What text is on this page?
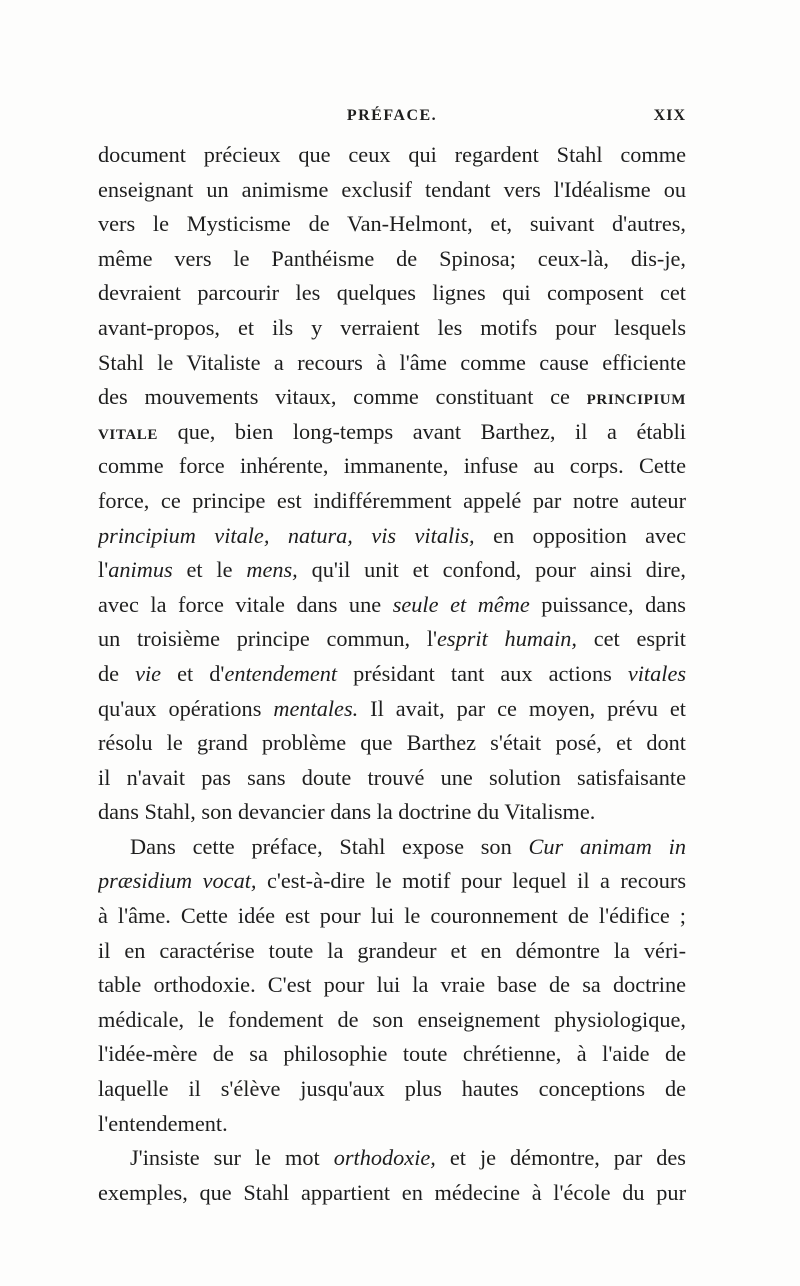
PRÉFACE.	XIX
document précieux que ceux qui regardent Stahl comme
enseignant un animisme exclusif tendant vers l'Idéalisme ou
vers le Mysticisme de Van-Helmont, et, suivant d'autres,
même vers le Panthéisme de Spinosa; ceux-là, dis-je,
devraient parcourir les quelques lignes qui composent cet
avant-propos, et ils y verraient les motifs pour lesquels
Stahl le Vitaliste a recours à l'âme comme cause efficiente
des mouvements vitaux, comme constituant ce PRINCIPIUM
VITALE que, bien long-temps avant Barthez, il a établi
comme force inhérente, immanente, infuse au corps. Cette
force, ce principe est indifféremment appelé par notre auteur
principium vitale, natura, vis vitalis, en opposition avec
l'animus et le mens, qu'il unit et confond, pour ainsi dire,
avec la force vitale dans une seule et même puissance, dans
un troisième principe commun, l'esprit humain, cet esprit
de vie et d'entendement présidant tant aux actions vitales
qu'aux opérations mentales. Il avait, par ce moyen, prévu et
résolu le grand problème que Barthez s'était posé, et dont
il n'avait pas sans doute trouvé une solution satisfaisante
dans Stahl, son devancier dans la doctrine du Vitalisme.
Dans cette préface, Stahl expose son Cur animam in
præsidium vocat, c'est-à-dire le motif pour lequel il a recours
à l'âme. Cette idée est pour lui le couronnement de l'édifice ;
il en caractérise toute la grandeur et en démontre la véri-
table orthodoxie. C'est pour lui la vraie base de sa doctrine
médicale, le fondement de son enseignement physiologique,
l'idée-mère de sa philosophie toute chrétienne, à l'aide de
laquelle il s'élève jusqu'aux plus hautes conceptions de
l'entendement.
J'insiste sur le mot orthodoxie, et je démontre, par des
exemples, que Stahl appartient en médecine à l'école du pur
